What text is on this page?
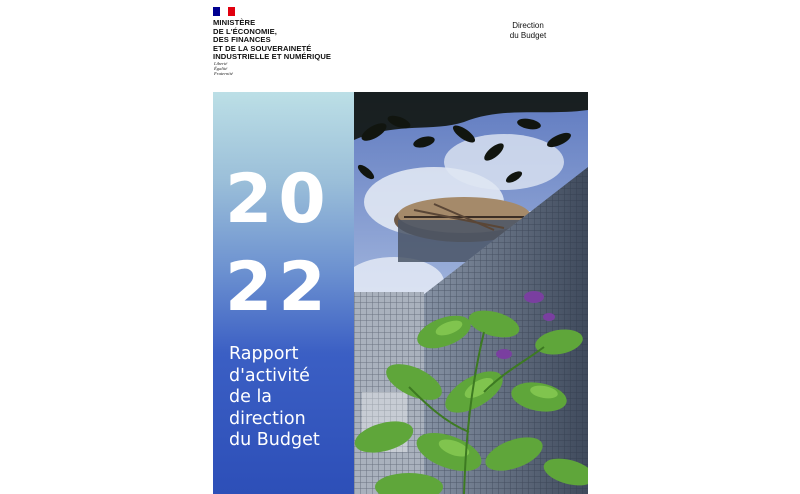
MINISTÈRE
DE L'ÉCONOMIE,
DES FINANCES
ET DE LA SOUVERAINETÉ
INDUSTRIELLE ET NUMÉRIQUE
Liberté
Égalité
Fraternité
Direction
du Budget
20
22
Rapport
d'activité
de la
direction
du Budget
